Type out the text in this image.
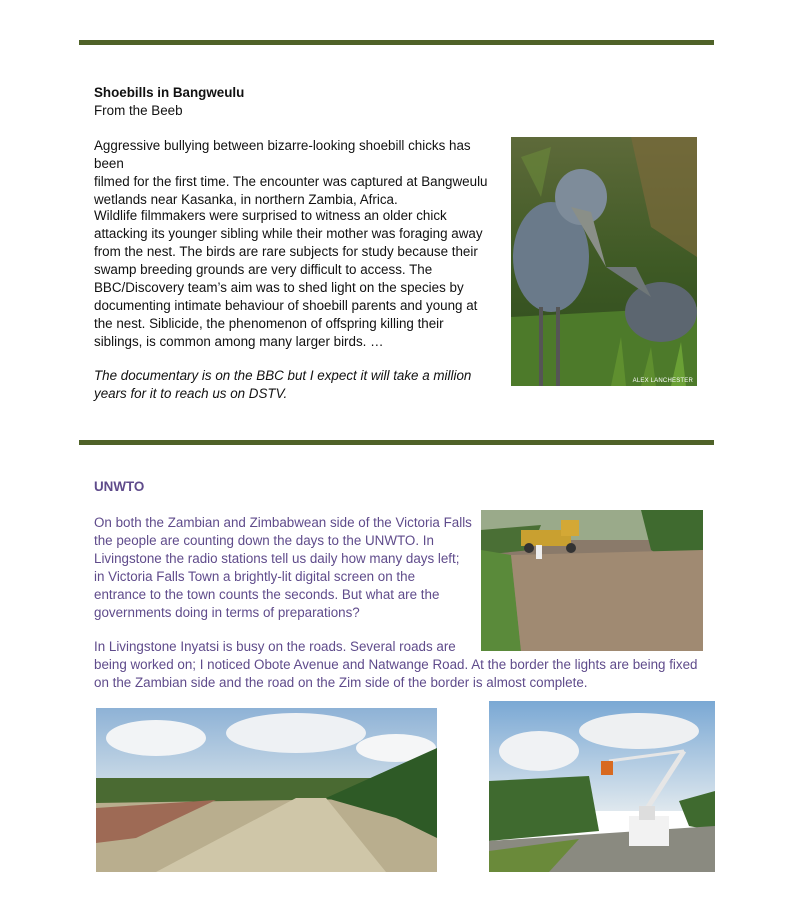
Shoebills in Bangweulu
From the Beeb
Aggressive bullying between bizarre-looking shoebill chicks has been
filmed for the first time. The encounter was captured at Bangweulu
wetlands near Kasanka, in northern Zambia, Africa.
Wildlife filmmakers were surprised to witness an older chick
attacking its younger sibling while their mother was foraging away
from the nest. The birds are rare subjects for study because their
swamp breeding grounds are very difficult to access. The
BBC/Discovery team’s aim was to shed light on the species by
documenting intimate behaviour of shoebill parents and young at
the nest. Siblicide, the phenomenon of offspring killing their
siblings, is common among many larger birds. …
The documentary is on the BBC but I expect it will take a million
years for it to reach us on DSTV.
ALEX LANCHESTER
UNWTO
On both the Zambian and Zimbabwean side of the Victoria Falls
the people are counting down the days to the UNWTO. In
Livingstone the radio stations tell us daily how many days left;
in Victoria Falls Town a brightly-lit digital screen on the
entrance to the town counts the seconds. But what are the
governments doing in terms of preparations?
In Livingstone Inyatsi is busy on the roads. Several roads are
being worked on; I noticed Obote Avenue and Natwange Road. At the border the lights are being fixed
on the Zambian side and the road on the Zim side of the border is almost complete.
